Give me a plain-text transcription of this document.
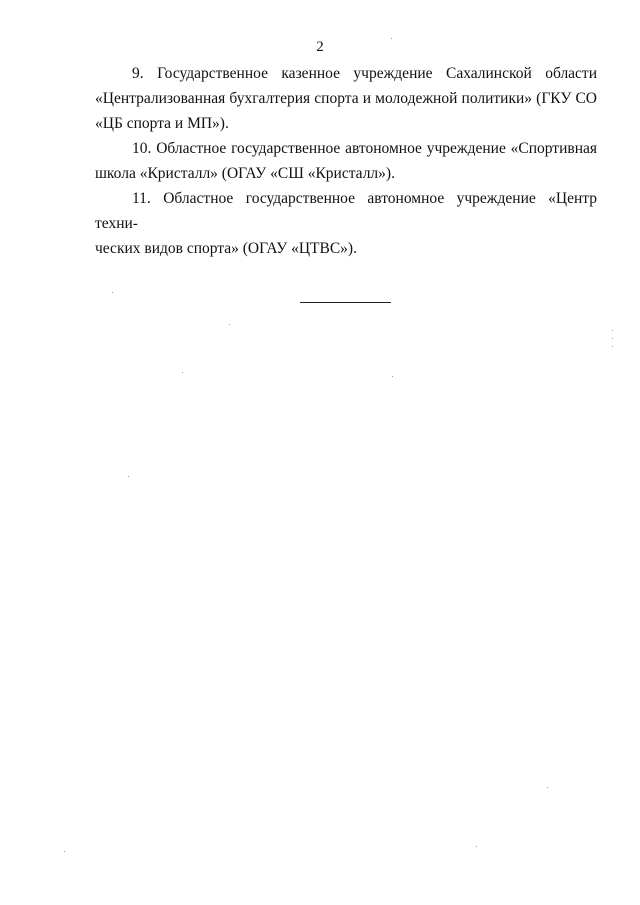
2

9. Государственное казенное учреждение Сахалинской области
«Централизованная бухгалтерия спорта и молодежной политики» (ГКУ СО
«ЦБ спорта и МП»).

10. Областное государственное автономное учреждение «Спортивная
школа «Кристалл» (ОГАУ «СШ «Кристалл»).

11. Областное государственное автономное учреждение «Центр техни-
ческих видов спорта» (ОГАУ «ЦТВС»).
